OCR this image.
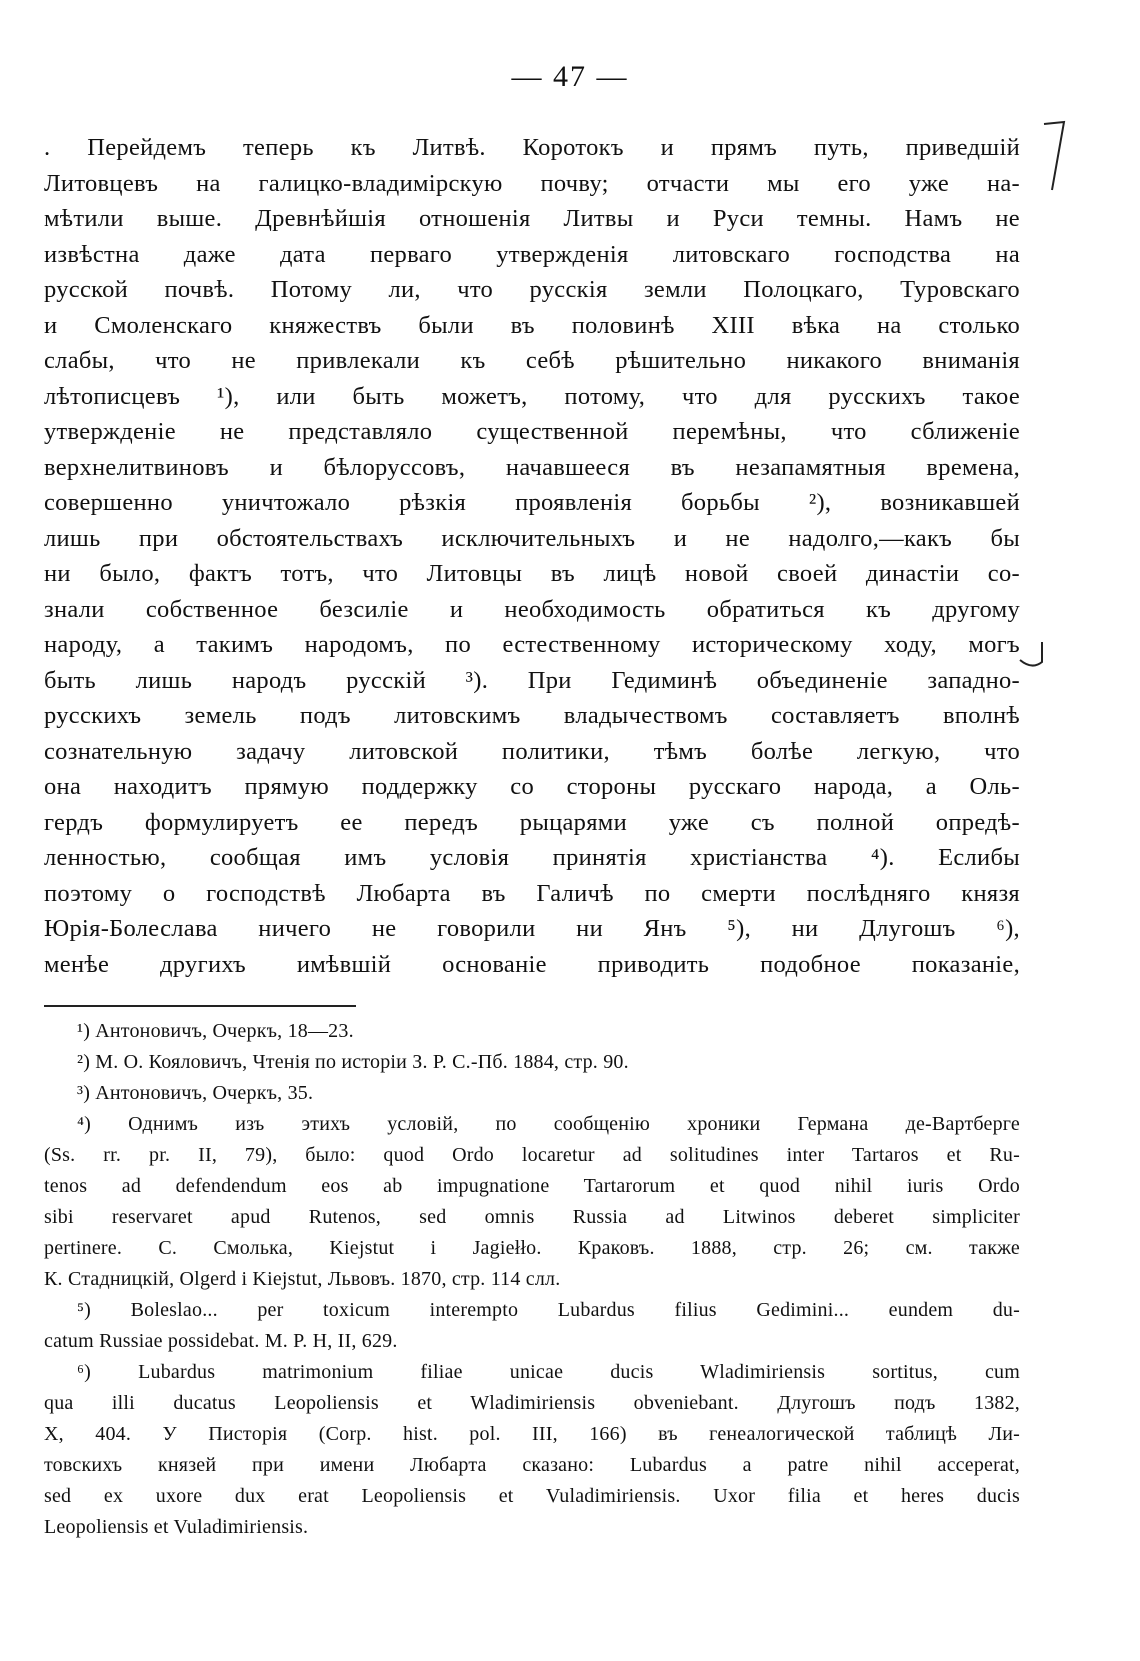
— 47 —
. Перейдемъ теперь къ Литвѣ. Коротокъ и прямъ путь, приведшій
Литовцевъ на галицко-владимірскую почву; отчасти мы его уже на-
мѣтили выше. Древнѣйшія отношенія Литвы и Руси темны. Намъ не
извѣстна даже дата перваго утвержденія литовскаго господства на
русской почвѣ. Потому ли, что русскія земли Полоцкаго, Туровскаго
и Смоленскаго княжествъ были въ половинѣ XIII вѣка на столько
слабы, что не привлекали къ себѣ рѣшительно никакого вниманія
лѣтописцевъ ¹), или быть можетъ, потому, что для русскихъ такое
утвержденіе не представляло существенной перемѣны, что сближеніе
верхнелитвиновъ и бѣлоруссовъ, начавшееся въ незапамятныя времена,
совершенно уничтожало рѣзкія проявленія борьбы ²), возникавшей
лишь при обстоятельствахъ исключительныхъ и не надолго,—какъ бы
ни было, фактъ тотъ, что Литовцы въ лицѣ новой своей династіи со-
знали собственное безсиліе и необходимость обратиться къ другому
народу, а такимъ народомъ, по естественному историческому ходу, могъ
быть лишь народъ русскій ³). При Гедиминѣ объединеніе западно-
русскихъ земель подъ литовскимъ владычествомъ составляетъ вполнѣ
сознательную задачу литовской политики, тѣмъ болѣе легкую, что
она находитъ прямую поддержку со стороны русскаго народа, а Оль-
гердъ формулируетъ ее передъ рыцарями уже съ полной опредѣ-
ленностью, сообщая имъ условія принятія христіанства ⁴). Еслибы
поэтому о господствѣ Любарта въ Галичѣ по смерти послѣдняго князя
Юрія-Болеслава ничего не говорили ни Янъ ⁵), ни Длугошъ ⁶),
менѣе другихъ имѣвшій основаніе приводить подобное показаніе,
¹) Антоновичъ, Очеркъ, 18—23.
²) М. О. Кояловичъ, Чтенія по исторіи З. Р. С.-Пб. 1884, стр. 90.
³) Антоновичъ, Очеркъ, 35.
⁴) Однимъ изъ этихъ условій, по сообщенію хроники Германа де-Вартберге
(Ss. rr. pr. II, 79), было: quod Ordo locaretur ad solitudines inter Tartaros et Ru-
tenos ad defendendum eos ab impugnatione Tartarorum et quod nihil iuris Ordo
sibi reservaret apud Rutenos, sed omnis Russia ad Litwinos deberet simpliciter
pertinere. С. Смолька, Kiejstut i Jagiełło. Краковъ. 1888, стр. 26; см. также
К. Стадницкій, Olgerd i Kiejstut, Львовъ. 1870, стр. 114 слл.
⁵) Boleslao... per toxicum interempto Lubardus filius Gedimini... eundem du-
catum Russiae possidebat. M. P. H, II, 629.
⁶) Lubardus matrimonium filiae unicae ducis Wladimiriensis sortitus, cum
qua illi ducatus Leopoliensis et Wladimiriensis obveniebant. Длугошъ подъ 1382,
X, 404. У Пистopія (Corp. hist. pol. III, 166) въ генеалогической таблицѣ Ли-
товскихъ князей при имени Любарта сказано: Lubardus a patre nihil acceperat,
sed ex uxore dux erat Leopoliensis et Vuladimiriensis. Uxor filia et heres ducis
Leopoliensis et Vuladimiriensis.
